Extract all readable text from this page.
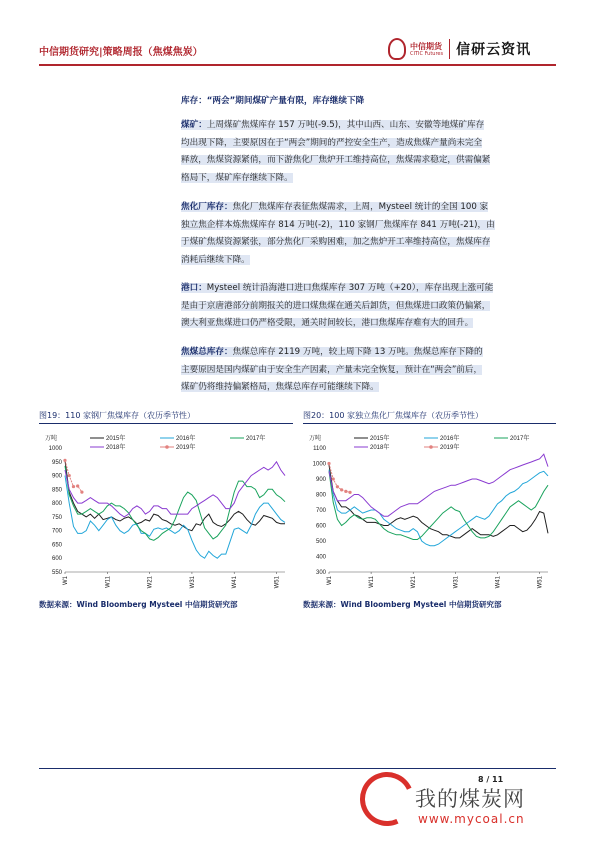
中信期货研究|策略周报（焦煤焦炭）
中信期货
CITIC Futures 信研云资讯
库存：“两会”期间煤矿产量有限，库存继续下降
煤矿：上周煤矿焦煤库存 157 万吨(-9.5)，其中山西、山东、安徽等地煤矿库存
均出现下降，主要原因在于“两会”期间的严控安全生产，造成焦煤产量尚未完全
释放，焦煤资源紧俏，而下游焦化厂焦炉开工维持高位，焦煤需求稳定，供需偏紧
格局下，煤矿库存继续下降。
焦化厂库存：焦化厂焦煤库存表征焦煤需求，上周，Mysteel 统计的全国 100 家
独立焦企样本炼焦煤库存 814 万吨(-2)，110 家钢厂焦煤库存 841 万吨(-21)，由
于煤矿焦煤资源紧张，部分焦化厂采购困难，加之焦炉开工率维持高位，焦煤库存
消耗后继续下降。
港口：Mysteel 统计沿海港口进口焦煤库存 307 万吨（+20），库存出现上涨可能
是由于京唐港部分前期报关的进口煤焦煤在通关后卸货，但焦煤进口政策仍偏紧，
澳大利亚焦煤进口仍严格受限，通关时间较长，港口焦煤库存难有大的回升。
焦煤总库存：焦煤总库存 2119 万吨，较上周下降 13 万吨。焦煤总库存下降的
主要原因是国内煤矿由于安全生产因素，产量未完全恢复，预计在“两会”前后，
煤矿仍将维持偏紧格局，焦煤总库存可能继续下降。
图19：110 家钢厂焦煤库存（农历季节性）
万吨
550
600
650
700
750
800
850
900
950
1000
W1	W11	W21	W31	W41	W51
2015年	2016年	2017年
2018年	2019年
数据来源：Wind Bloomberg Mysteel 中信期货研究部
图20：100 家独立焦化厂焦煤库存（农历季节性）
万吨
300
400
500
600
700
800
900
1000
1100
W1	W11	W21	W31	W41	W51
2015年	2016年	2017年
2018年	2019年
数据来源：Wind Bloomberg Mysteel 中信期货研究部
8 / 11
我的煤炭网
www.mycoal.cn
